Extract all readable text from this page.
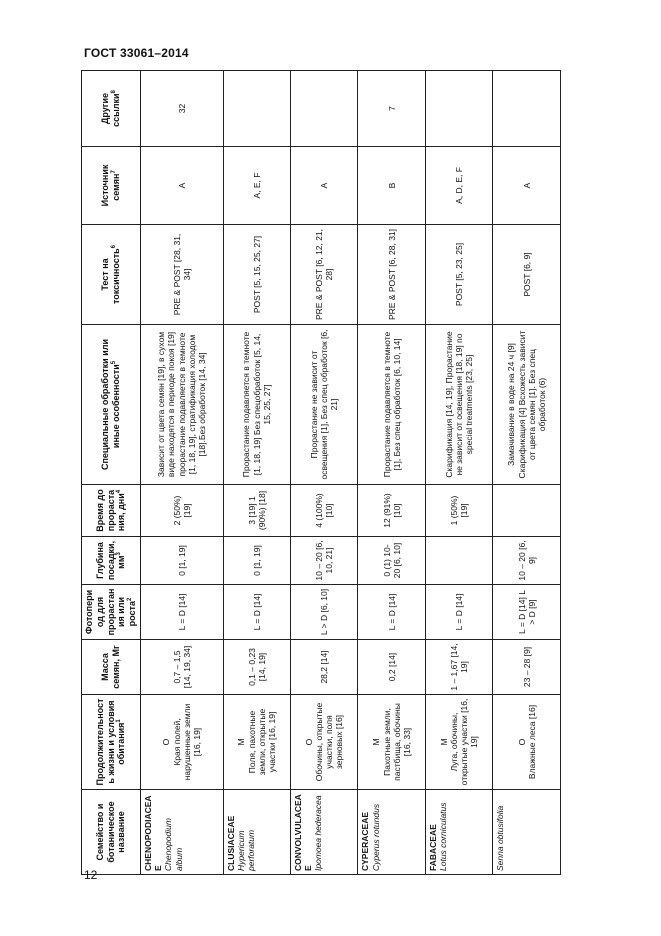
ГОСТ 33061–2014
Семейство и ботаническое название	Продолжительность жизни и условия обитания$^1$	Масса семян, Мг	Фотопериод для прорастания или роста$^2$	Глубина посадки, $мм^3$	Время до прорастания, дни$^4$	Специальные обработки или иные особенности$^5$	Тест на токсичность$^6$	Источник семян$^7$	Другие ссылки$^8$

CHENOPODIACEAE Chenopodium album	O Края полей, нарушенные земли [16, 19]	0,7 – 1,5 [14, 19, 34]	L = D [14]	0 [1, 19]	2 (50%) [19]	Зависит от цвета семян [19], в сухом виде находятся в периоде покоя [19] прорастание подавляется в темноте [1, 18, 19], стратификация холодом [18].Без обработок [14, 34]	PRE & POST [28, 31, 34]	A	32

CLUSIACEAE Hypericum perforatum	M Поля, пахотные земли, открытые участки [16, 19]	0,1 – 0,23 [14, 19]	L = D [14]	0 [1, 19]	3 [19] 1 (90%) [18]	Прорастание подавляется в темноте [1, 18, 19] Без спецобработок [5, 14, 15, 25, 27]	POST [5, 15, 25, 27]	A, E, F	

CONVOLVULACEAE Ipomoea hederacea	O Обочины, открытые участки, поля зерновых [16]	28,2 [14]	L > D [6, 10]	10 – 20 [6, 10, 21]	4 (100%) [10]	Прорастание не зависит от освещения [1], Без спец обработок [6, 21]	PRE & POST [6, 12, 21, 28]	A	

CYPERACEAE Cyperus rotundus	M Пахотные земли, пастбища, обочины [16, 33]	0,2 [14]	L = D [14]	0 (1) 10-20 [6, 10]	12 (91%) [10]	Прорастание подавляется в темноте [1], Без спец обработок [6, 10, 14]	PRE & POST [6, 28, 31]	B	7

FABACEAE Lotus corniculatus	M Луга, обочины, открытые участки [16, 19]	1 – 1,67 [14, 19]	L = D [14]		1 (50%) [19]	Скарификация [14, 19], Прорастание не зависит от освещения [18, 19] no special treatments [23, 25]	POST [5, 23, 25]	A, D, E, F	

Senna obtusifolia	O Влажные леса [16]	23 – 28 [9]	L = D [14] L > D [9]	10 – 20 [6, 9]		Замачивание в воде на 24 ч [9] Скарификация [4] Всхожесть зависит от цвета семян [1]. Без спец обработок (6)	POST [6, 9]	A	
12
